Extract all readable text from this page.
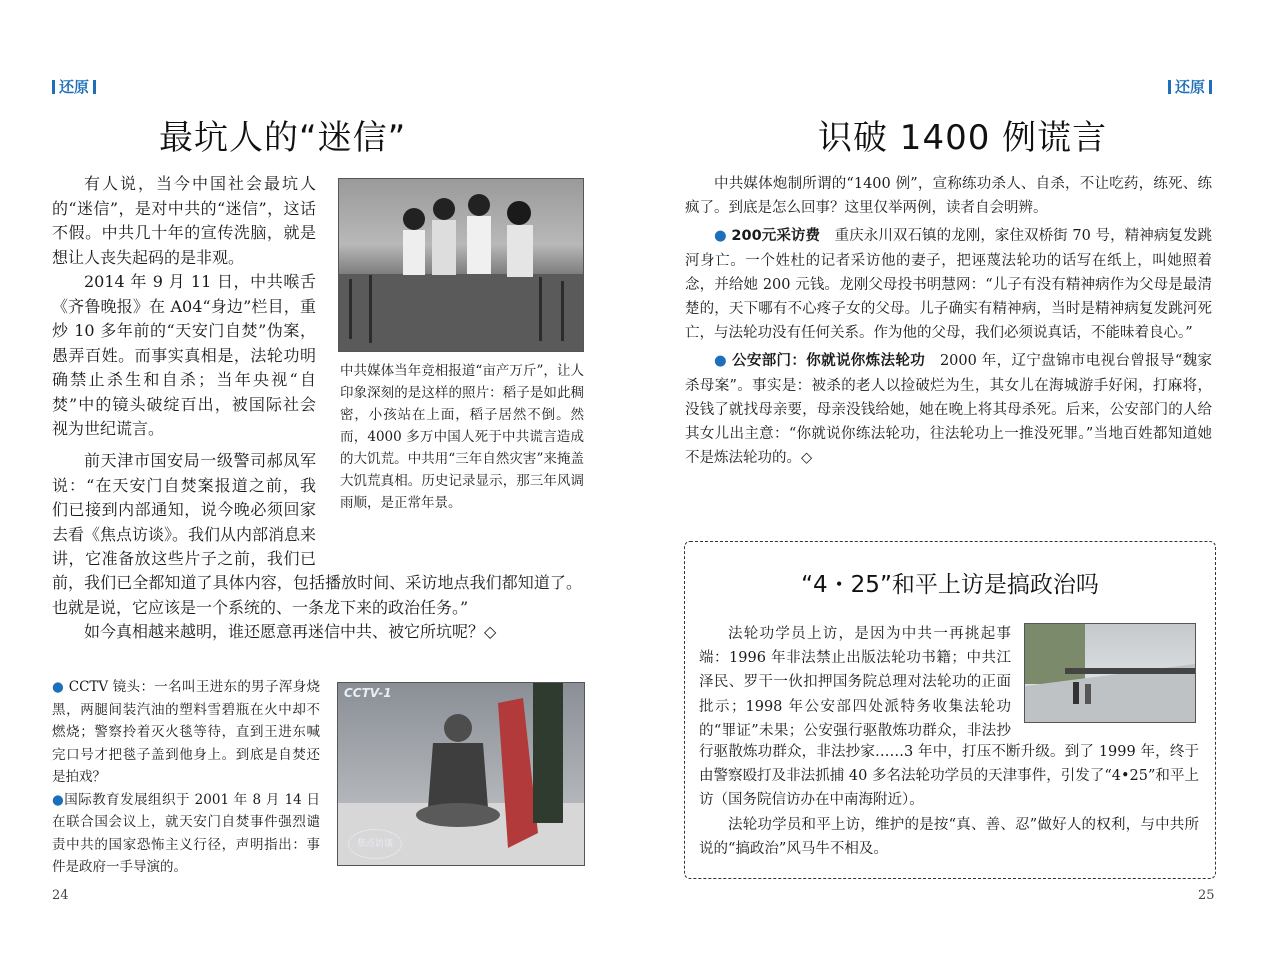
还原
最坑人的“迷信”

有人说，当今中国社会最坑人的“迷信”，是对中共的“迷信”，这话不假。中共几十年的宣传洗脑，就是想让人丧失起码的是非观。

2014 年 9 月 11 日，中共喉舌《齐鲁晚报》在 A04“身边”栏目，重炒 10 多年前的“天安门自焚”伪案，愚弄百姓。而事实真相是，法轮功明确禁止杀生和自杀；当年央视“自焚”中的镜头破绽百出，被国际社会视为世纪谎言。

中共媒体当年竞相报道“亩产万斤”，让人印象深刻的是这样的照片：稻子是如此稠密，小孩站在上面，稻子居然不倒。然而，4000 多万中国人死于中共谎言造成的大饥荒。中共用“三年自然灾害”来掩盖大饥荒真相。历史记录显示，那三年风调雨顺，是正常年景。

前天津市国安局一级警司郝凤军说：“在天安门自焚案报道之前，我们已接到内部通知，说今晚必须回家去看《焦点访谈》。我们从内部消息来讲，它准备放这些片子之前，我们已

前，我们已全都知道了具体内容，包括播放时间、采访地点我们都知道了。也就是说，它应该是一个系统的、一条龙下来的政治任务。”

如今真相越来越明，谁还愿意再迷信中共、被它所坑呢？◇

● CCTV 镜头：一名叫王进东的男子浑身烧黑，两腿间装汽油的塑料雪碧瓶在火中却不燃烧；警察拎着灭火毯等待，直到王进东喊完口号才把毯子盖到他身上。到底是自焚还是拍戏？
●国际教育发展组织于 2001 年 8 月 14 日在联合国会议上，就天安门自焚事件强烈谴责中共的国家恐怖主义行径，声明指出：事件是政府一手导演的。
CCTV-1
焦点访谈
24
还原
识破 1400 例谎言

中共媒体炮制所谓的“1400 例”，宣称练功杀人、自杀，不让吃药，练死、练疯了。到底是怎么回事？这里仅举两例，读者自会明辨。

● 200元采访费　 重庆永川双石镇的龙刚，家住双桥街 70 号，精神病复发跳河身亡。一个姓杜的记者采访他的妻子，把诬蔑法轮功的话写在纸上，叫她照着念，并给她 200 元钱。龙刚父母投书明慧网：“儿子有没有精神病作为父母是最清楚的，天下哪有不心疼子女的父母。儿子确实有精神病，当时是精神病复发跳河死亡，与法轮功没有任何关系。作为他的父母，我们必须说真话，不能昧着良心。”

● 公安部门：你就说你炼法轮功　 2000 年，辽宁盘锦市电视台曾报导“魏家杀母案”。事实是：被杀的老人以捡破烂为生，其女儿在海城游手好闲，打麻将，没钱了就找母亲要，母亲没钱给她，她在晚上将其母杀死。后来，公安部门的人给其女儿出主意：“你就说你练法轮功，往法轮功上一推没死罪。”当地百姓都知道她不是炼法轮功的。◇

“4・25”和平上访是搞政治吗

法轮功学员上访，是因为中共一再挑起事端：1996 年非法禁止出版法轮功书籍；中共江泽民、罗干一伙扣押国务院总理对法轮功的正面批示；1998 年公安部四处派特务收集法轮功的“罪证”未果；公安强行驱散炼功群众，非法抄

行驱散炼功群众，非法抄家……3 年中，打压不断升级。到了 1999 年，终于由警察殴打及非法抓捕 40 多名法轮功学员的天津事件，引发了“4•25”和平上访（国务院信访办在中南海附近）。

法轮功学员和平上访，维护的是按“真、善、忍”做好人的权利，与中共所说的“搞政治”风马牛不相及。

25
